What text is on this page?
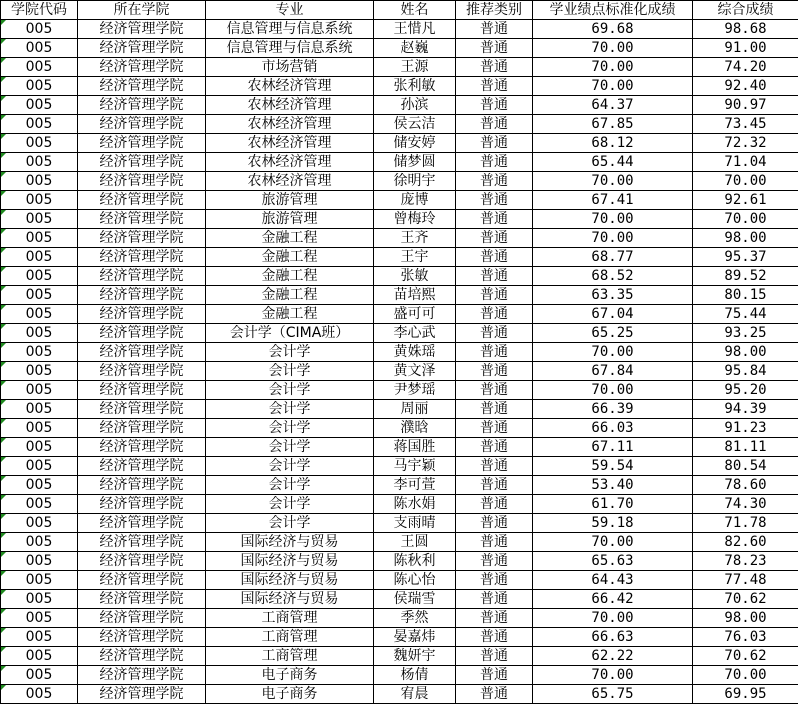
学院代码	所在学院	专业	姓名	推荐类别	学业绩点标准化成绩	综合成绩
005	经济管理学院	信息管理与信息系统	王惜凡	普通	69.68	98.68
005	经济管理学院	信息管理与信息系统	赵巍	普通	70.00	91.00
005	经济管理学院	市场营销	王源	普通	70.00	74.20
005	经济管理学院	农林经济管理	张利敏	普通	70.00	92.40
005	经济管理学院	农林经济管理	孙滨	普通	64.37	90.97
005	经济管理学院	农林经济管理	侯云洁	普通	67.85	73.45
005	经济管理学院	农林经济管理	储安婷	普通	68.12	72.32
005	经济管理学院	农林经济管理	储梦圆	普通	65.44	71.04
005	经济管理学院	农林经济管理	徐明宇	普通	70.00	70.00
005	经济管理学院	旅游管理	庞博	普通	67.41	92.61
005	经济管理学院	旅游管理	曾梅玲	普通	70.00	70.00
005	经济管理学院	金融工程	王齐	普通	70.00	98.00
005	经济管理学院	金融工程	王宇	普通	68.77	95.37
005	经济管理学院	金融工程	张敏	普通	68.52	89.52
005	经济管理学院	金融工程	苗培熙	普通	63.35	80.15
005	经济管理学院	金融工程	盛可可	普通	67.04	75.44
005	经济管理学院	会计学（CIMA班）	李心武	普通	65.25	93.25
005	经济管理学院	会计学	黄姝瑶	普通	70.00	98.00
005	经济管理学院	会计学	黄文泽	普通	67.84	95.84
005	经济管理学院	会计学	尹梦瑶	普通	70.00	95.20
005	经济管理学院	会计学	周丽	普通	66.39	94.39
005	经济管理学院	会计学	濮晗	普通	66.03	91.23
005	经济管理学院	会计学	蒋国胜	普通	67.11	81.11
005	经济管理学院	会计学	马宇颖	普通	59.54	80.54
005	经济管理学院	会计学	李可萱	普通	53.40	78.60
005	经济管理学院	会计学	陈水娟	普通	61.70	74.30
005	经济管理学院	会计学	支雨晴	普通	59.18	71.78
005	经济管理学院	国际经济与贸易	王圆	普通	70.00	82.60
005	经济管理学院	国际经济与贸易	陈秋利	普通	65.63	78.23
005	经济管理学院	国际经济与贸易	陈心怡	普通	64.43	77.48
005	经济管理学院	国际经济与贸易	侯瑞雪	普通	66.42	70.62
005	经济管理学院	工商管理	季然	普通	70.00	98.00
005	经济管理学院	工商管理	晏嘉炜	普通	66.63	76.03
005	经济管理学院	工商管理	魏妍宇	普通	62.22	70.62
005	经济管理学院	电子商务	杨倩	普通	70.00	70.00
005	经济管理学院	电子商务	宥晨	普通	65.75	69.95
